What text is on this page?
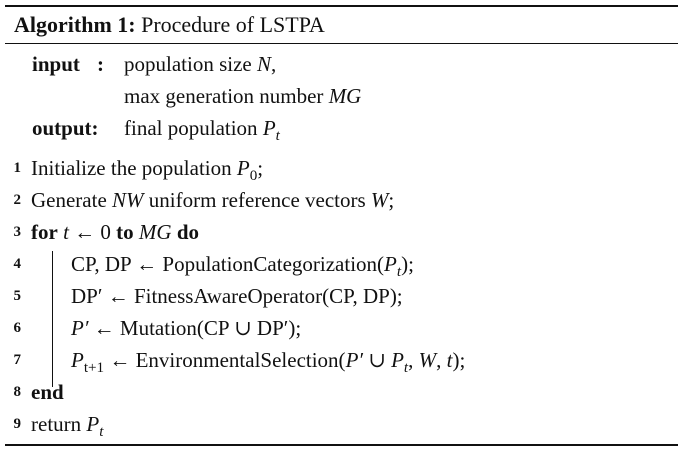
Algorithm 1: Procedure of LSTPA
input : population size N,
max generation number MG
output: final population $P_t$
1 Initialize the population $P_0$;
2 Generate NW uniform reference vectors W;
3 for t ← 0 to MG do
4 CP, DP ← $PopulationCategorization(P_t)$;
5 DP′ ← FitnessAwareOperator(CP, DP);
6 P′ ← Mutation(CP ∪ DP′);
7 $P_{t+1}$ ← EnvironmentalSelection(P′ ∪ $P_t$, W, t);
8 end
9 return $P_t$
